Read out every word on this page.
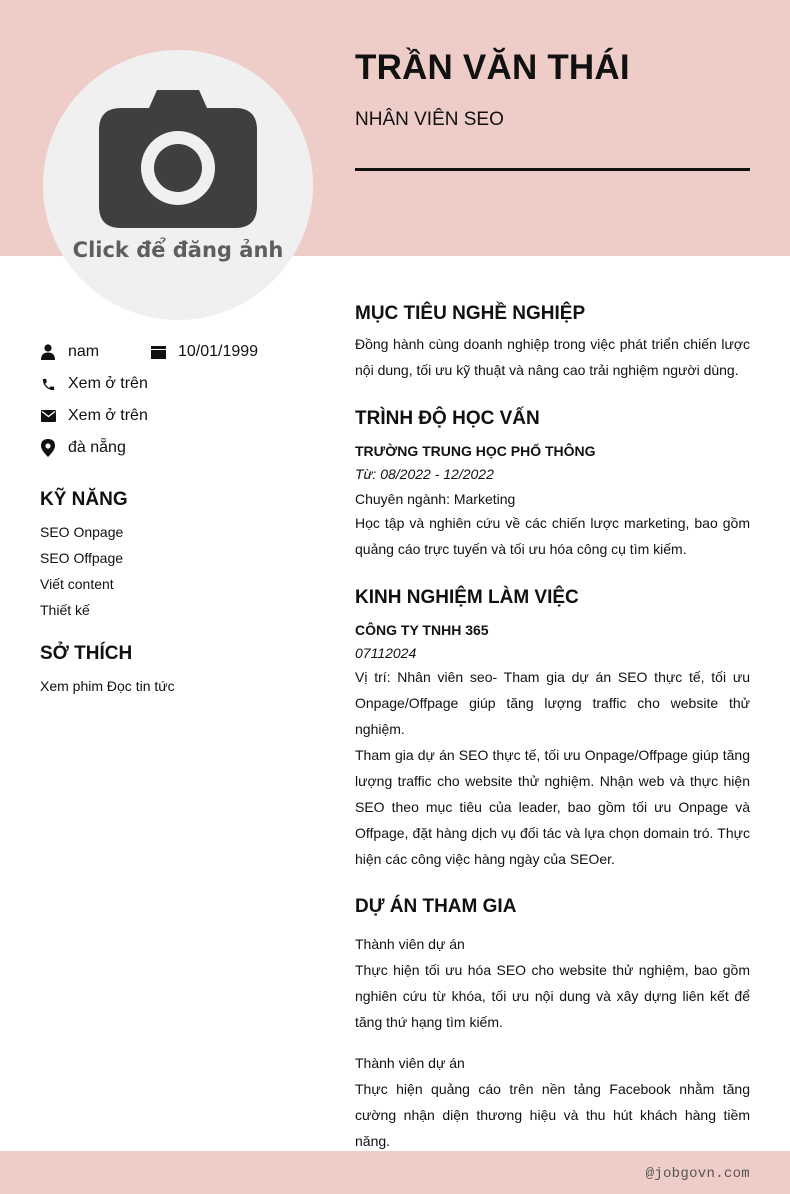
Click để đăng ảnh
TRẦN VĂN THÁI
NHÂN VIÊN SEO
nam	10/01/1999
Xem ở trên
Xem ở trên
đà nẵng
KỸ NĂNG
SEO Onpage
SEO Offpage
Viết content
Thiết kế
SỞ THÍCH
Xem phim Đọc tin tức
MỤC TIÊU NGHỀ NGHIỆP
Đồng hành cùng doanh nghiệp trong việc phát triển chiến lược nội dung, tối ưu kỹ thuật và nâng cao trải nghiệm người dùng.
TRÌNH ĐỘ HỌC VẤN
TRƯỜNG TRUNG HỌC PHỔ THÔNG
Từ: 08/2022 - 12/2022
Chuyên ngành: Marketing
Học tập và nghiên cứu về các chiến lược marketing, bao gồm quảng cáo trực tuyến và tối ưu hóa công cụ tìm kiếm.
KINH NGHIỆM LÀM VIỆC
CÔNG TY TNHH 365
07112024
Vị trí: Nhân viên seo- Tham gia dự án SEO thực tế, tối ưu Onpage/Offpage giúp tăng lượng traffic cho website thử nghiệm.
Tham gia dự án SEO thực tế, tối ưu Onpage/Offpage giúp tăng lượng traffic cho website thử nghiệm. Nhận web và thực hiện SEO theo mục tiêu của leader, bao gồm tối ưu Onpage và Offpage, đặt hàng dịch vụ đối tác và lựa chọn domain tró. Thực hiện các công việc hàng ngày của SEOer.
DỰ ÁN THAM GIA
Thành viên dự án
Thực hiện tối ưu hóa SEO cho website thử nghiệm, bao gồm nghiên cứu từ khóa, tối ưu nội dung và xây dựng liên kết để tăng thứ hạng tìm kiếm.
Thành viên dự án
Thực hiện quảng cáo trên nền tảng Facebook nhằm tăng cường nhận diện thương hiệu và thu hút khách hàng tiềm năng.
@jobgovn.com
